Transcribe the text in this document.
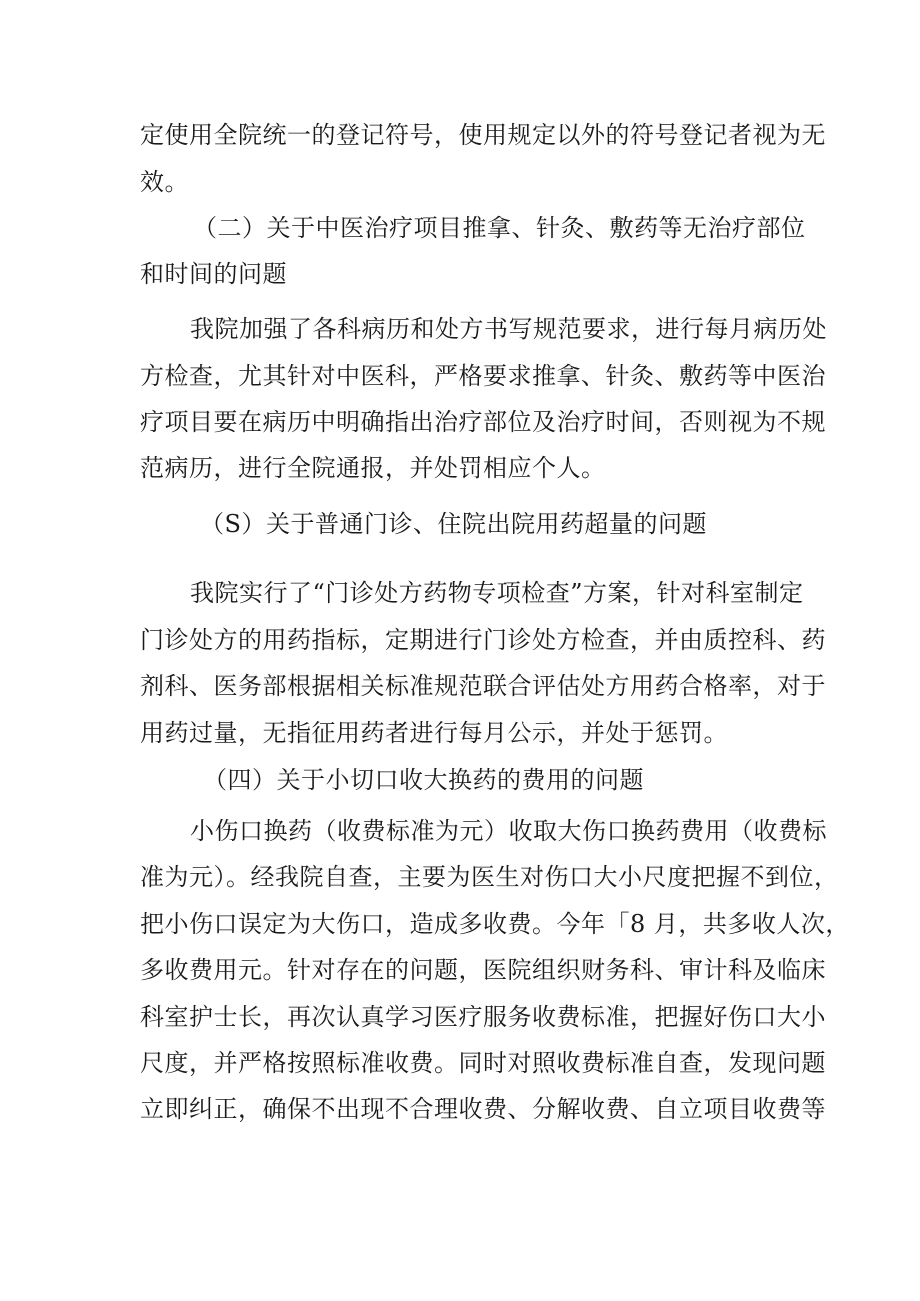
定使用全院统一的登记符号，使用规定以外的符号登记者视为无
效。
（二）关于中医治疗项目推拿、针灸、敷药等无治疗部位
和时间的问题
我院加强了各科病历和处方书写规范要求，进行每月病历处
方检查，尤其针对中医科，严格要求推拿、针灸、敷药等中医治
疗项目要在病历中明确指出治疗部位及治疗时间，否则视为不规
范病历，进行全院通报，并处罚相应个人。
（S）关于普通门诊、住院出院用药超量的问题
我院实行了“门诊处方药物专项检查”方案，针对科室制定
门诊处方的用药指标，定期进行门诊处方检查，并由质控科、药
剂科、医务部根据相关标准规范联合评估处方用药合格率，对于
用药过量，无指征用药者进行每月公示，并处于惩罚。
（四）关于小切口收大换药的费用的问题
小伤口换药（收费标准为元）收取大伤口换药费用（收费标
准为元）。经我院自查，主要为医生对伤口大小尺度把握不到位，
把小伤口误定为大伤口，造成多收费。今年「8 月，共多收人次，
多收费用元。针对存在的问题，医院组织财务科、审计科及临床
科室护士长，再次认真学习医疗服务收费标准，把握好伤口大小
尺度，并严格按照标准收费。同时对照收费标准自查，发现问题
立即纠正，确保不出现不合理收费、分解收费、自立项目收费等
